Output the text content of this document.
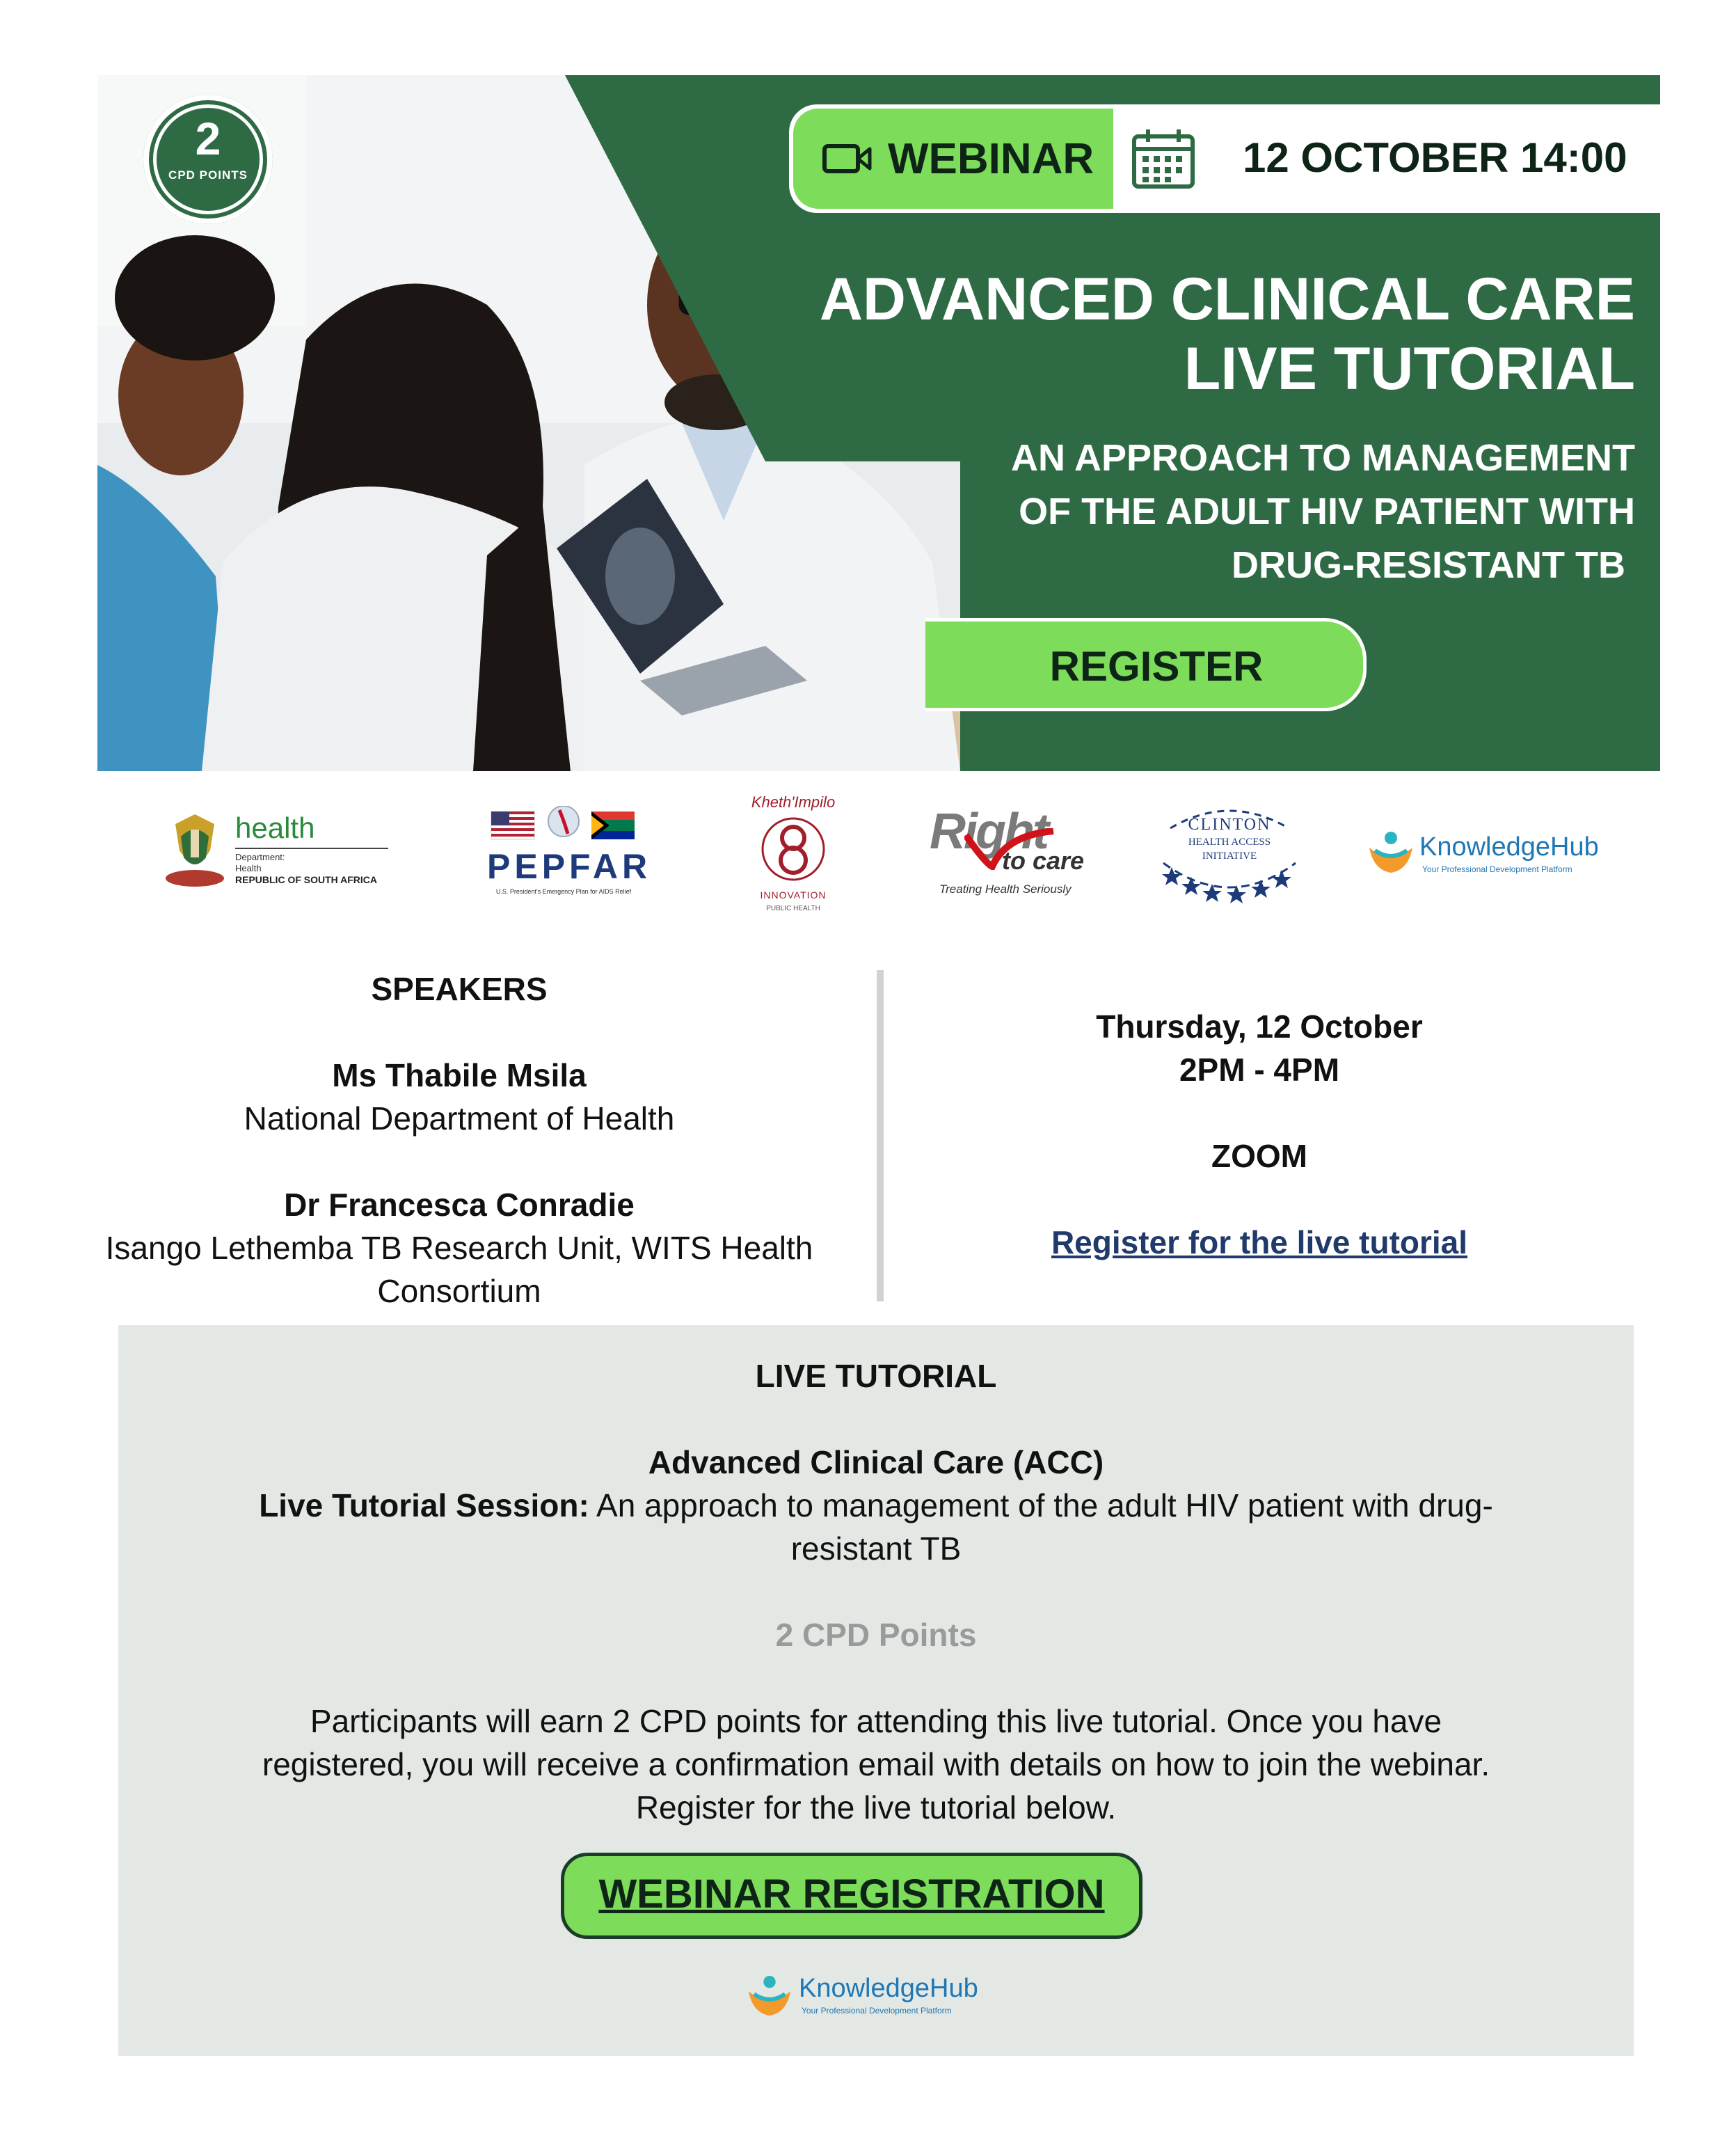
2
CPD POINTS	WEBINAR	12 OCTOBER 14:00
ADVANCED CLINICAL CARE
LIVE TUTORIAL
AN APPROACH TO MANAGEMENT
OF THE ADULT HIV PATIENT WITH
DRUG-RESISTANT TB
REGISTER
health
Department:
Health
REPUBLIC OF SOUTH AFRICA	PEPFAR
U.S. President's Emergency Plan for AIDS Relief
Kheth'Impilo
INNOVATION
PUBLIC HEALTH
Right
to care
Treating Health Seriously
CLINTON
HEALTH ACCESS
INITIATIVE	KnowledgeHub
Your Professional Development Platform
SPEAKERS
Ms Thabile Msila
National Department of Health
Dr Francesca Conradie
Isango Lethemba TB Research Unit, WITS Health
Consortium
Thursday, 12 October
2PM - 4PM
ZOOM
Register for the live tutorial
LIVE TUTORIAL
Advanced Clinical Care (ACC)
Live Tutorial Session: An approach to management of the adult HIV patient with drug-
resistant TB
2 CPD Points
Participants will earn 2 CPD points for attending this live tutorial. Once you have
registered, you will receive a confirmation email with details on how to join the webinar.
Register for the live tutorial below.
WEBINAR REGISTRATION
KnowledgeHub
Your Professional Development Platform
